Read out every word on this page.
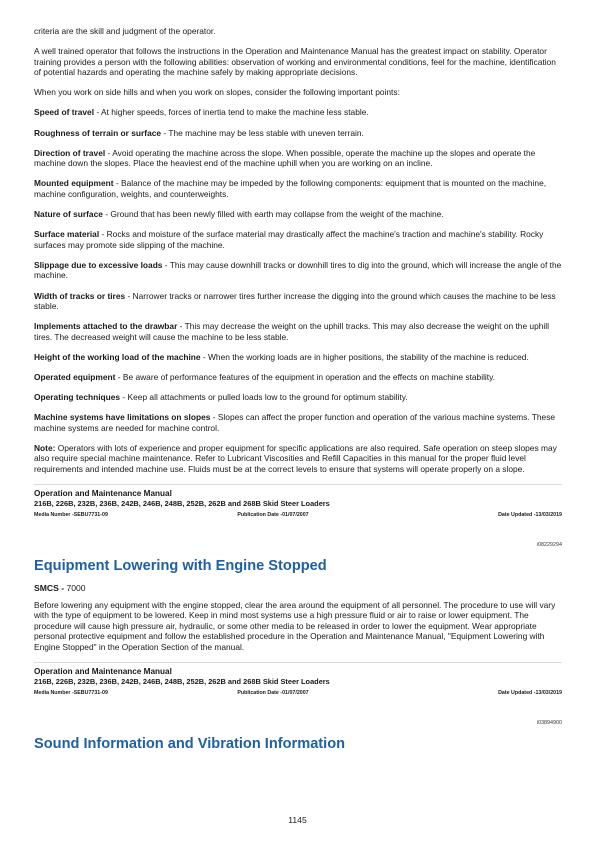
criteria are the skill and judgment of the operator.

A well trained operator that follows the instructions in the Operation and Maintenance Manual has the greatest impact on stability. Operator training provides a person with the following abilities: observation of working and environmental conditions, feel for the machine, identification of potential hazards and operating the machine safely by making appropriate decisions.

When you work on side hills and when you work on slopes, consider the following important points:

Speed of travel - At higher speeds, forces of inertia tend to make the machine less stable.

Roughness of terrain or surface - The machine may be less stable with uneven terrain.

Direction of travel - Avoid operating the machine across the slope. When possible, operate the machine up the slopes and operate the machine down the slopes. Place the heaviest end of the machine uphill when you are working on an incline.

Mounted equipment - Balance of the machine may be impeded by the following components: equipment that is mounted on the machine, machine configuration, weights, and counterweights.

Nature of surface - Ground that has been newly filled with earth may collapse from the weight of the machine.

Surface material - Rocks and moisture of the surface material may drastically affect the machine's traction and machine's stability. Rocky surfaces may promote side slipping of the machine.

Slippage due to excessive loads - This may cause downhill tracks or downhill tires to dig into the ground, which will increase the angle of the machine.

Width of tracks or tires - Narrower tracks or narrower tires further increase the digging into the ground which causes the machine to be less stable.

Implements attached to the drawbar - This may decrease the weight on the uphill tracks. This may also decrease the weight on the uphill tires. The decreased weight will cause the machine to be less stable.

Height of the working load of the machine - When the working loads are in higher positions, the stability of the machine is reduced.

Operated equipment - Be aware of performance features of the equipment in operation and the effects on machine stability.

Operating techniques - Keep all attachments or pulled loads low to the ground for optimum stability.

Machine systems have limitations on slopes - Slopes can affect the proper function and operation of the various machine systems. These machine systems are needed for machine control.

Note: Operators with lots of experience and proper equipment for specific applications are also required. Safe operation on steep slopes may also require special machine maintenance. Refer to Lubricant Viscosities and Refill Capacities in this manual for the proper fluid level requirements and intended machine use. Fluids must be at the correct levels to ensure that systems will operate properly on a slope.

Operation and Maintenance Manual
216B, 226B, 232B, 236B, 242B, 246B, 248B, 252B, 262B and 268B Skid Steer Loaders
Media Number -SEBU7731-09	Publication Date -01/07/2007	Date Updated -13/03/2019
i08229294
Equipment Lowering with Engine Stopped
SMCS - 7000

Before lowering any equipment with the engine stopped, clear the area around the equipment of all personnel. The procedure to use will vary with the type of equipment to be lowered. Keep in mind most systems use a high pressure fluid or air to raise or lower equipment. The procedure will cause high pressure air, hydraulic, or some other media to be released in order to lower the equipment. Wear appropriate personal protective equipment and follow the established procedure in the Operation and Maintenance Manual, "Equipment Lowering with Engine Stopped" in the Operation Section of the manual.

Operation and Maintenance Manual
216B, 226B, 232B, 236B, 242B, 246B, 248B, 252B, 262B and 268B Skid Steer Loaders
Media Number -SEBU7731-09	Publication Date -01/07/2007	Date Updated -13/03/2019
i03894900
Sound Information and Vibration Information
1145
